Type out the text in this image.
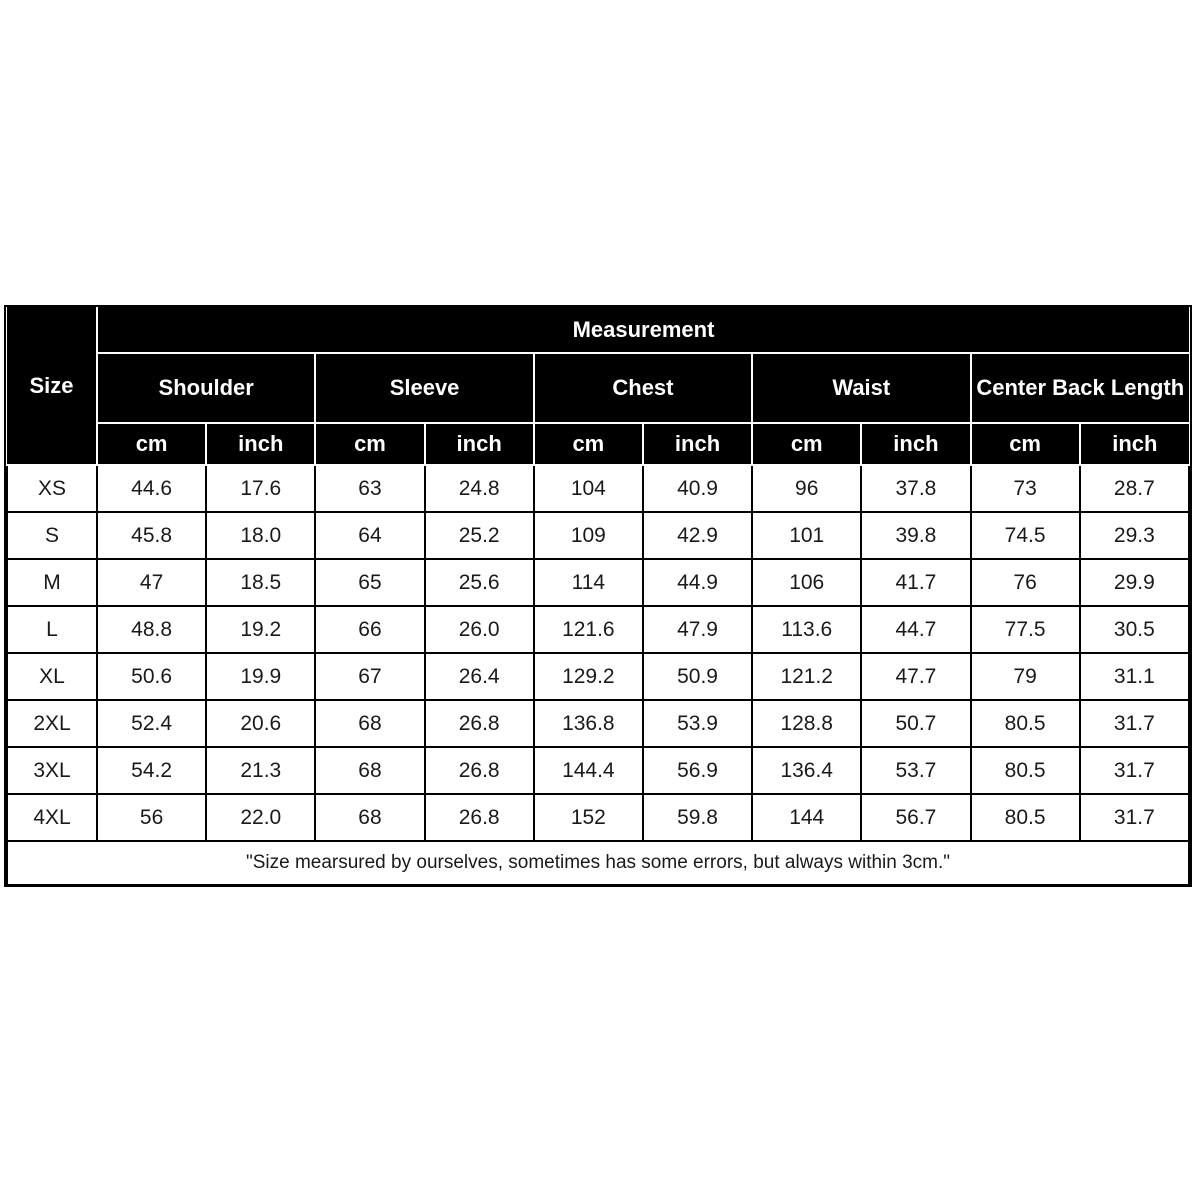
Size	Measurement									
	Shoulder		Sleeve		Chest		Waist		Center Back Length	
	cm	inch	cm	inch	cm	inch	cm	inch	cm	inch
XS	44.6	17.6	63	24.8	104	40.9	96	37.8	73	28.7
S	45.8	18.0	64	25.2	109	42.9	101	39.8	74.5	29.3
M	47	18.5	65	25.6	114	44.9	106	41.7	76	29.9
L	48.8	19.2	66	26.0	121.6	47.9	113.6	44.7	77.5	30.5
XL	50.6	19.9	67	26.4	129.2	50.9	121.2	47.7	79	31.1
2XL	52.4	20.6	68	26.8	136.8	53.9	128.8	50.7	80.5	31.7
3XL	54.2	21.3	68	26.8	144.4	56.9	136.4	53.7	80.5	31.7
4XL	56	22.0	68	26.8	152	59.8	144	56.7	80.5	31.7
"Size mearsured by ourselves, sometimes has some errors, but always within 3cm."										
